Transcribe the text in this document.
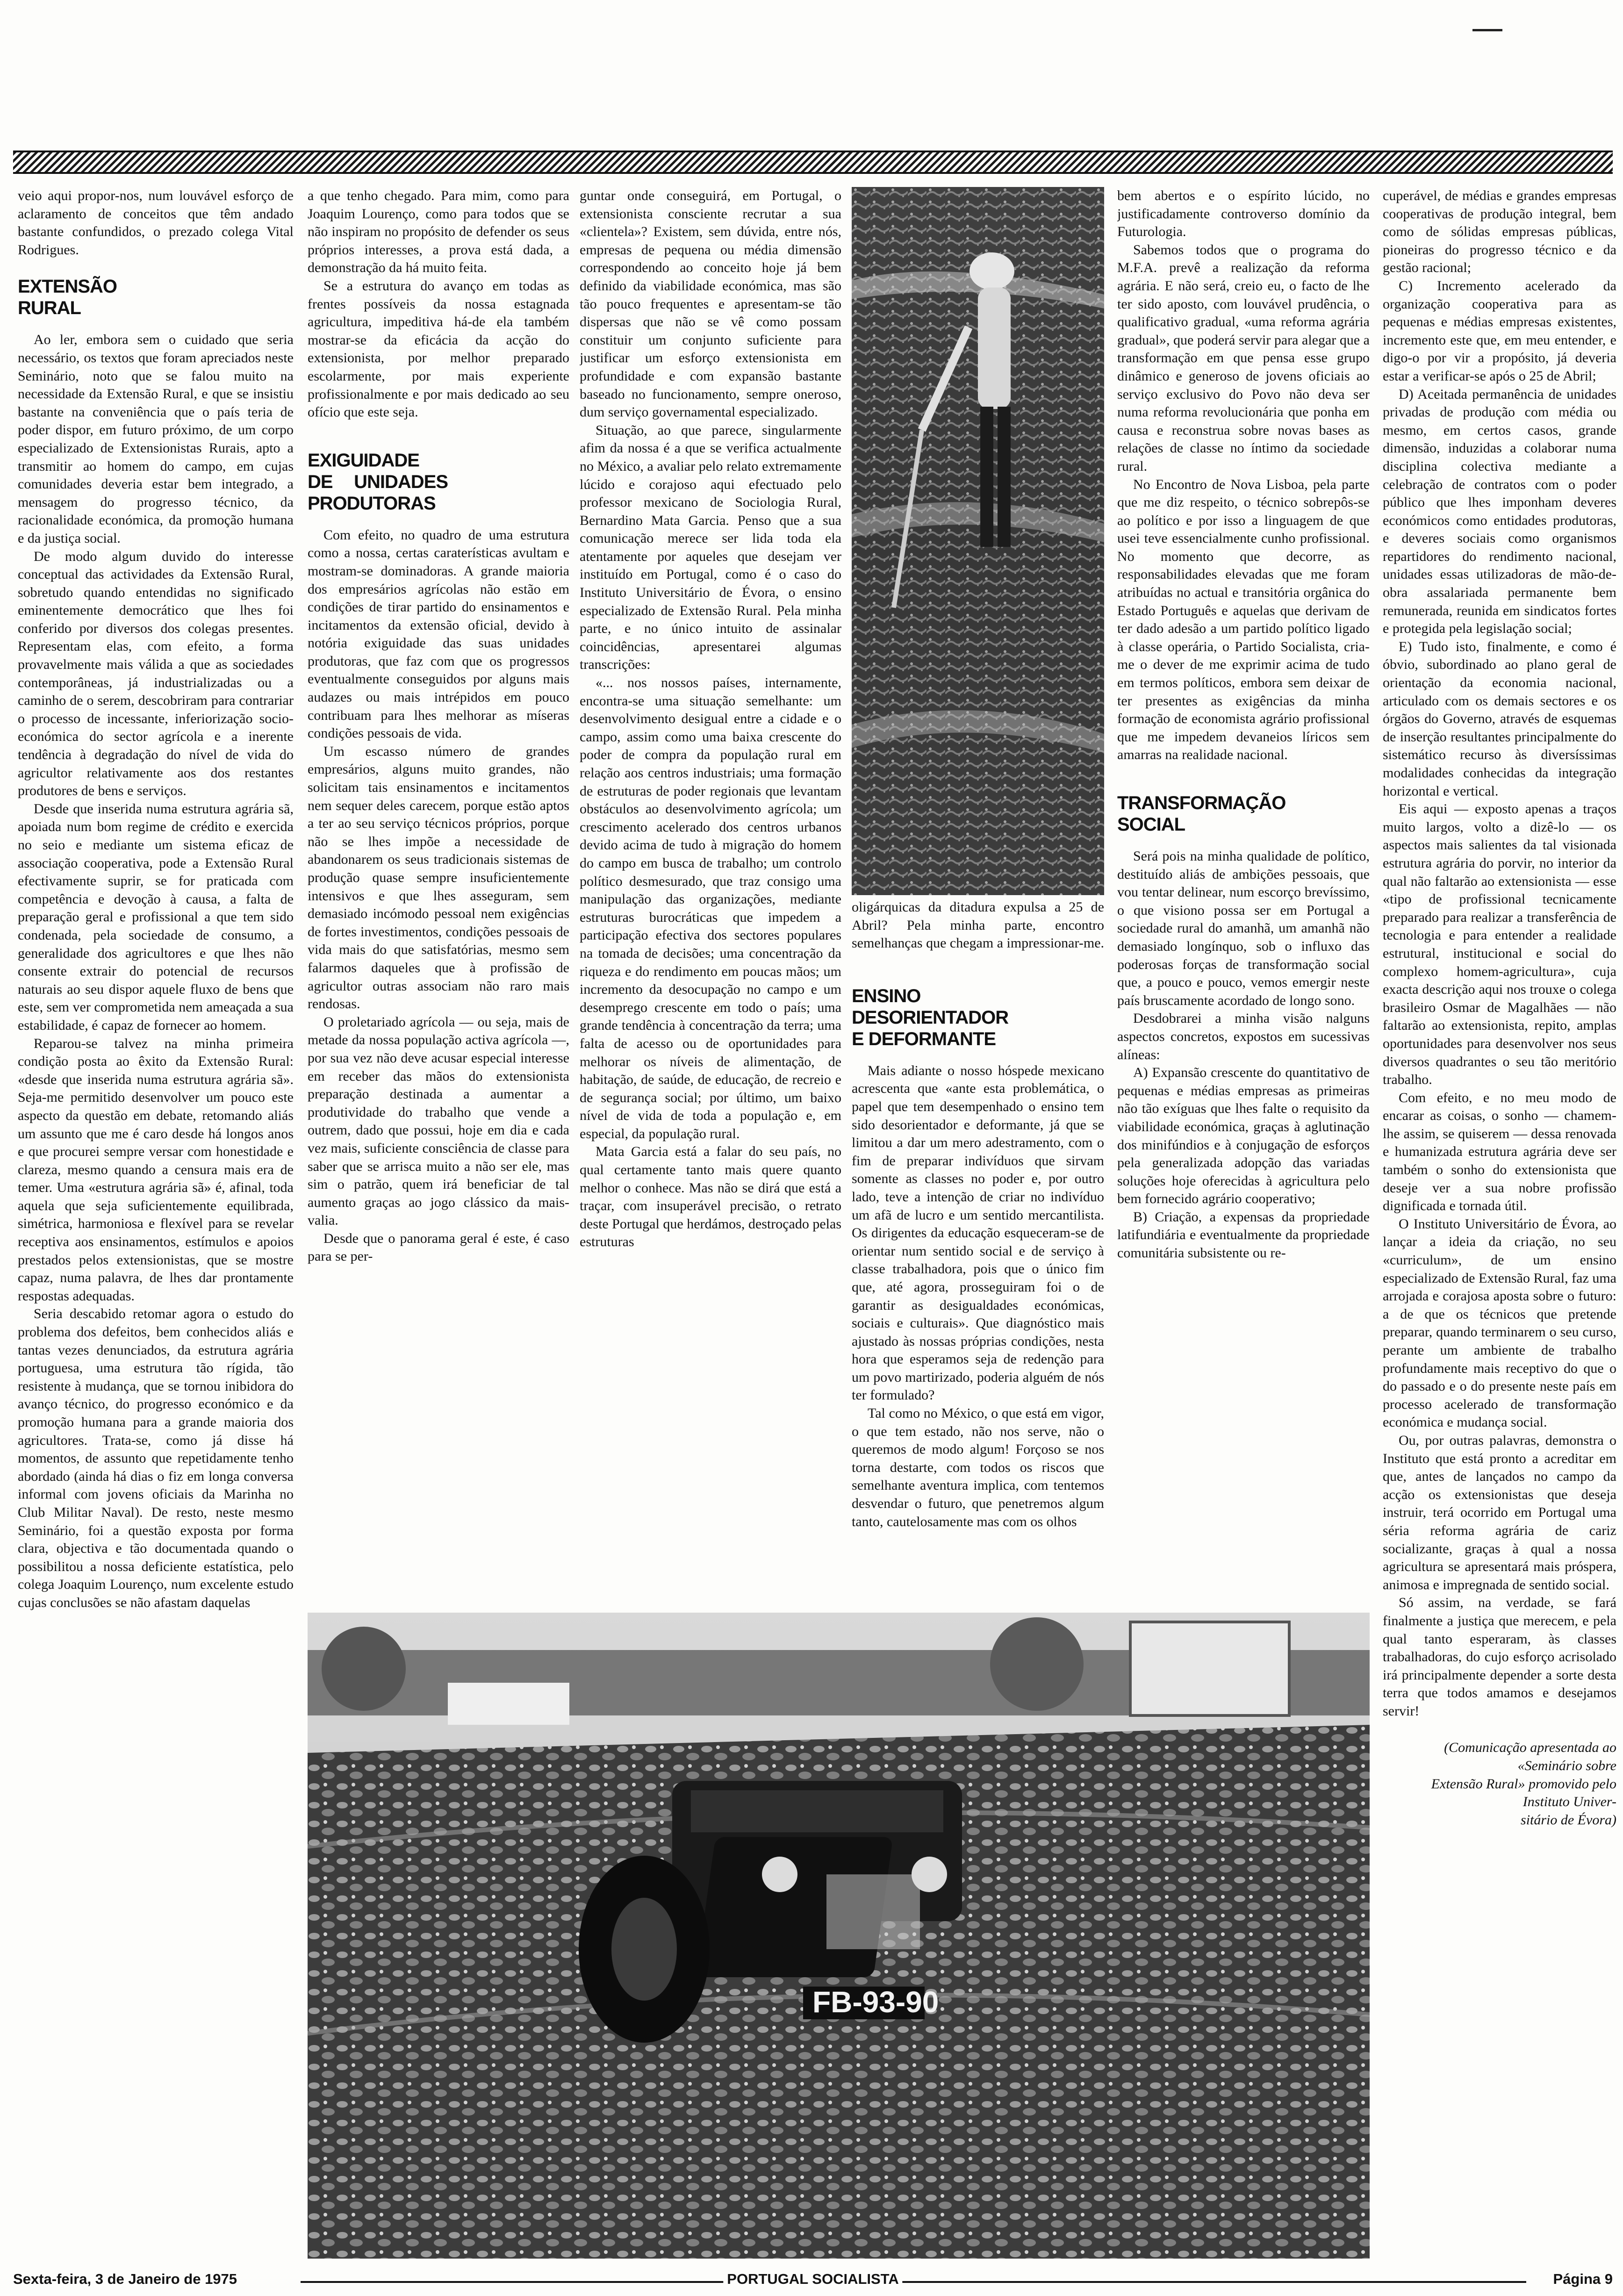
veio aqui propor-nos, num louvável esforço de aclaramento de conceitos que têm andado bastante confundidos, o prezado colega Vital Rodrigues.

EXTENSÃO RURAL

Ao ler, embora sem o cuidado que seria necessário, os textos que foram apreciados neste Seminário, noto que se falou muito na necessidade da Extensão Rural, e que se insistiu bastante na conveniência que o país teria de poder dispor, em futuro próximo, de um corpo especializado de Extensionistas Rurais, apto a transmitir ao homem do campo, em cujas comunidades deveria estar bem integrado, a mensagem do progresso técnico, da racionalidade económica, da promoção humana e da justiça social.

De modo algum duvido do interesse conceptual das actividades da Extensão Rural, sobretudo quando entendidas no significado eminentemente democrático que lhes foi conferido por diversos dos colegas presentes. Representam elas, com efeito, a forma provavelmente mais válida a que as sociedades contemporâneas, já industrializadas ou a caminho de o serem, descobriram para contrariar o processo de incessante, inferiorização socio-económica do sector agrícola e a inerente tendência à degradação do nível de vida do agricultor relativamente aos dos restantes produtores de bens e serviços.

Desde que inserida numa estrutura agrária sã, apoiada num bom regime de crédito e exercida no seio e mediante um sistema eficaz de associação cooperativa, pode a Extensão Rural efectivamente suprir, se for praticada com competência e devoção à causa, a falta de preparação geral e profissional a que tem sido condenada, pela sociedade de consumo, a generalidade dos agricultores e que lhes não consente extrair do potencial de recursos naturais ao seu dispor aquele fluxo de bens que este, sem ver comprometida nem ameaçada a sua estabilidade, é capaz de fornecer ao homem.

Reparou-se talvez na minha primeira condição posta ao êxito da Extensão Rural: «desde que inserida numa estrutura agrária sã». Seja-me permitido desenvolver um pouco este aspecto da questão em debate, retomando aliás um assunto que me é caro desde há longos anos e que procurei sempre versar com honestidade e clareza, mesmo quando a censura mais era de temer. Uma «estrutura agrária sã» é, afinal, toda aquela que seja suficientemente equilibrada, simétrica, harmoniosa e flexível para se revelar receptiva aos ensinamentos, estímulos e apoios prestados pelos extensionistas, que se mostre capaz, numa palavra, de lhes dar prontamente respostas adequadas.

Seria descabido retomar agora o estudo do problema dos defeitos, bem conhecidos aliás e tantas vezes denunciados, da estrutura agrária portuguesa, uma estrutura tão rígida, tão resistente à mudança, que se tornou inibidora do avanço técnico, do progresso económico e da promoção humana para a grande maioria dos agricultores. Trata-se, como já disse há momentos, de assunto que repetidamente tenho abordado (ainda há dias o fiz em longa conversa informal com jovens oficiais da Marinha no Club Militar Naval). De resto, neste mesmo Seminário, foi a questão exposta por forma clara, objectiva e tão documentada quando o possibilitou a nossa deficiente estatística, pelo colega Joaquim Lourenço, num excelente estudo cujas conclusões se não afastam daquelas

a que tenho chegado. Para mim, como para Joaquim Lourenço, como para todos que se não inspiram no propósito de defender os seus próprios interesses, a prova está dada, a demonstração da há muito feita.

Se a estrutura do avanço em todas as frentes possíveis da nossa estagnada agricultura, impeditiva há-de ela também mostrar-se da eficácia da acção do extensionista, por melhor preparado escolarmente, por mais experiente profissionalmente e por mais dedicado ao seu ofício que este seja.

EXIGUIDADE DE UNIDADES PRODUTORAS

Com efeito, no quadro de uma estrutura como a nossa, certas caraterísticas avultam e mostram-se dominadoras. A grande maioria dos empresários agrícolas não estão em condições de tirar partido do ensinamentos e incitamentos da extensão oficial, devido à notória exiguidade das suas unidades produtoras, que faz com que os progressos eventualmente conseguidos por alguns mais audazes ou mais intrépidos em pouco contribuam para lhes melhorar as míseras condições pessoais de vida.

Um escasso número de grandes empresários, alguns muito grandes, não solicitam tais ensinamentos e incitamentos nem sequer deles carecem, porque estão aptos a ter ao seu serviço técnicos próprios, porque não se lhes impõe a necessidade de abandonarem os seus tradicionais sistemas de produção quase sempre insuficientemente intensivos e que lhes asseguram, sem demasiado incómodo pessoal nem exigências de fortes investimentos, condições pessoais de vida mais do que satisfatórias, mesmo sem falarmos daqueles que à profissão de agricultor outras associam não raro mais rendosas.

O proletariado agrícola — ou seja, mais de metade da nossa população activa agrícola —, por sua vez não deve acusar especial interesse em receber das mãos do extensionista preparação destinada a aumentar a produtividade do trabalho que vende a outrem, dado que possui, hoje em dia e cada vez mais, suficiente consciência de classe para saber que se arrisca muito a não ser ele, mas sim o patrão, quem irá beneficiar de tal aumento graças ao jogo clássico da mais-valia.

Desde que o panorama geral é este, é caso para se per-

guntar onde conseguirá, em Portugal, o extensionista consciente recrutar a sua «clientela»? Existem, sem dúvida, entre nós, empresas de pequena ou média dimensão correspondendo ao conceito hoje já bem definido da viabilidade económica, mas são tão pouco frequentes e apresentam-se tão dispersas que não se vê como possam constituir um conjunto suficiente para justificar um esforço extensionista em profundidade e com expansão bastante baseado no funcionamento, sempre oneroso, dum serviço governamental especializado.

Situação, ao que parece, singularmente afim da nossa é a que se verifica actualmente no México, a avaliar pelo relato extremamente lúcido e corajoso aqui efectuado pelo professor mexicano de Sociologia Rural, Bernardino Mata Garcia. Penso que a sua comunicação merece ser lida toda ela atentamente por aqueles que desejam ver instituído em Portugal, como é o caso do Instituto Universitário de Évora, o ensino especializado de Extensão Rural. Pela minha parte, e no único intuito de assinalar coincidências, apresentarei algumas transcrições:

«... nos nossos países, internamente, encontra-se uma situação semelhante: um desenvolvimento desigual entre a cidade e o campo, assim como uma baixa crescente do poder de compra da população rural em relação aos centros industriais; uma formação de estruturas de poder regionais que levantam obstáculos ao desenvolvimento agrícola; um crescimento acelerado dos centros urbanos devido acima de tudo à migração do homem do campo em busca de trabalho; um controlo político desmesurado, que traz consigo uma manipulação das organizações, mediante estruturas burocráticas que impedem a participação efectiva dos sectores populares na tomada de decisões; uma concentração da riqueza e do rendimento em poucas mãos; um incremento da desocupação no campo e um desemprego crescente em todo o país; uma grande tendência à concentração da terra; uma falta de acesso ou de oportunidades para melhorar os níveis de alimentação, de habitação, de saúde, de educação, de recreio e de segurança social; por último, um baixo nível de vida de toda a população e, em especial, da população rural.

Mata Garcia está a falar do seu país, no qual certamente tanto mais quere quanto melhor o conhece. Mas não se dirá que está a traçar, com insuperável precisão, o retrato deste Portugal que herdámos, destroçado pelas estruturas

oligárquicas da ditadura expulsa a 25 de Abril? Pela minha parte, encontro semelhanças que chegam a impressionar-me.

ENSINO DESORIENTADOR E DEFORMANTE

Mais adiante o nosso hóspede mexicano acrescenta que «ante esta problemática, o papel que tem desempenhado o ensino tem sido desorientador e deformante, já que se limitou a dar um mero adestramento, com o fim de preparar indivíduos que sirvam somente as classes no poder e, por outro lado, teve a intenção de criar no indivíduo um afã de lucro e um sentido mercantilista. Os dirigentes da educação esqueceram-se de orientar num sentido social e de serviço à classe trabalhadora, pois que o único fim que, até agora, prosseguiram foi o de garantir as desigualdades económicas, sociais e culturais». Que diagnóstico mais ajustado às nossas próprias condições, nesta hora que esperamos seja de redenção para um povo martirizado, poderia alguém de nós ter formulado?

Tal como no México, o que está em vigor, o que tem estado, não nos serve, não o queremos de modo algum! Forçoso se nos torna destarte, com todos os riscos que semelhante aventura implica, com tentemos desvendar o futuro, que penetremos algum tanto, cautelosamente mas com os olhos

bem abertos e o espírito lúcido, no justificadamente controverso domínio da Futurologia.

Sabemos todos que o programa do M.F.A. prevê a realização da reforma agrária. E não será, creio eu, o facto de lhe ter sido aposto, com louvável prudência, o qualificativo gradual, «uma reforma agrária gradual», que poderá servir para alegar que a transformação em que pensa esse grupo dinâmico e generoso de jovens oficiais ao serviço exclusivo do Povo não deva ser numa reforma revolucionária que ponha em causa e reconstrua sobre novas bases as relações de classe no íntimo da sociedade rural.

No Encontro de Nova Lisboa, pela parte que me diz respeito, o técnico sobrepôs-se ao político e por isso a linguagem de que usei teve essencialmente cunho profissional. No momento que decorre, as responsabilidades elevadas que me foram atribuídas no actual e transitória orgânica do Estado Português e aquelas que derivam de ter dado adesão a um partido político ligado à classe operária, o Partido Socialista, cria-me o dever de me exprimir acima de tudo em termos políticos, embora sem deixar de ter presentes as exigências da minha formação de economista agrário profissional que me impedem devaneios líricos sem amarras na realidade nacional.

TRANSFORMAÇÃO SOCIAL

Será pois na minha qualidade de político, destituído aliás de ambições pessoais, que vou tentar delinear, num escorço brevíssimo, o que visiono possa ser em Portugal a sociedade rural do amanhã, um amanhã não demasiado longínquo, sob o influxo das poderosas forças de transformação social que, a pouco e pouco, vemos emergir neste país bruscamente acordado de longo sono.

Desdobrarei a minha visão nalguns aspectos concretos, expostos em sucessivas alíneas:

A) Expansão crescente do quantitativo de pequenas e médias empresas as primeiras não tão exíguas que lhes falte o requisito da viabilidade económica, graças à aglutinação dos minifúndios e à conjugação de esforços pela generalizada adopção das variadas soluções hoje oferecidas à agricultura pelo bem fornecido agrário cooperativo;

B) Criação, a expensas da propriedade latifundiária e eventualmente da propriedade comunitária subsistente ou re-

cuperável, de médias e grandes empresas cooperativas de produção integral, bem como de sólidas empresas públicas, pioneiras do progresso técnico e da gestão racional;

C) Incremento acelerado da organização cooperativa para as pequenas e médias empresas existentes, incremento este que, em meu entender, e digo-o por vir a propósito, já deveria estar a verificar-se após o 25 de Abril;

D) Aceitada permanência de unidades privadas de produção com média ou mesmo, em certos casos, grande dimensão, induzidas a colaborar numa disciplina colectiva mediante a celebração de contratos com o poder público que lhes imponham deveres económicos como entidades produtoras, e deveres sociais como organismos repartidores do rendimento nacional, unidades essas utilizadoras de mão-de-obra assalariada permanente bem remunerada, reunida em sindicatos fortes e protegida pela legislação social;

E) Tudo isto, finalmente, e como é óbvio, subordinado ao plano geral de orientação da economia nacional, articulado com os demais sectores e os órgãos do Governo, através de esquemas de inserção resultantes principalmente do sistemático recurso às diversíssimas modalidades conhecidas da integração horizontal e vertical.

Eis aqui — exposto apenas a traços muito largos, volto a dizê-lo — os aspectos mais salientes da tal visionada estrutura agrária do porvir, no interior da qual não faltarão ao extensionista — esse «tipo de profissional tecnicamente preparado para realizar a transferência de tecnologia e para entender a realidade estrutural, institucional e social do complexo homem-agricultura», cuja exacta descrição aqui nos trouxe o colega brasileiro Osmar de Magalhães — não faltarão ao extensionista, repito, amplas oportunidades para desenvolver nos seus diversos quadrantes o seu tão meritório trabalho.

Com efeito, e no meu modo de encarar as coisas, o sonho — chamem-lhe assim, se quiserem — dessa renovada e humanizada estrutura agrária deve ser também o sonho do extensionista que deseje ver a sua nobre profissão dignificada e tornada útil.

O Instituto Universitário de Évora, ao lançar a ideia da criação, no seu «curriculum», de um ensino especializado de Extensão Rural, faz uma arrojada e corajosa aposta sobre o futuro: a de que os técnicos que pretende preparar, quando terminarem o seu curso, perante um ambiente de trabalho profundamente mais receptivo do que o do passado e o do presente neste país em processo acelerado de transformação económica e mudança social.

Ou, por outras palavras, demonstra o Instituto que está pronto a acreditar em que, antes de lançados no campo da acção os extensionistas que deseja instruir, terá ocorrido em Portugal uma séria reforma agrária de cariz socializante, graças à qual a nossa agricultura se apresentará mais próspera, animosa e impregnada de sentido social.

Só assim, na verdade, se fará finalmente a justiça que merecem, e pela qual tanto esperaram, às classes trabalhadoras, do cujo esforço acrisolado irá principalmente depender a sorte desta terra que todos amamos e desejamos servir!

(Comunicação apresentada ao «Seminário sobre
Extensão Rural» promovido pelo Instituto Univer-
sitário de Évora)
FB-93-90
Sexta-feira, 3 de Janeiro de 1975	PORTUGAL SOCIALISTA	Página 9
